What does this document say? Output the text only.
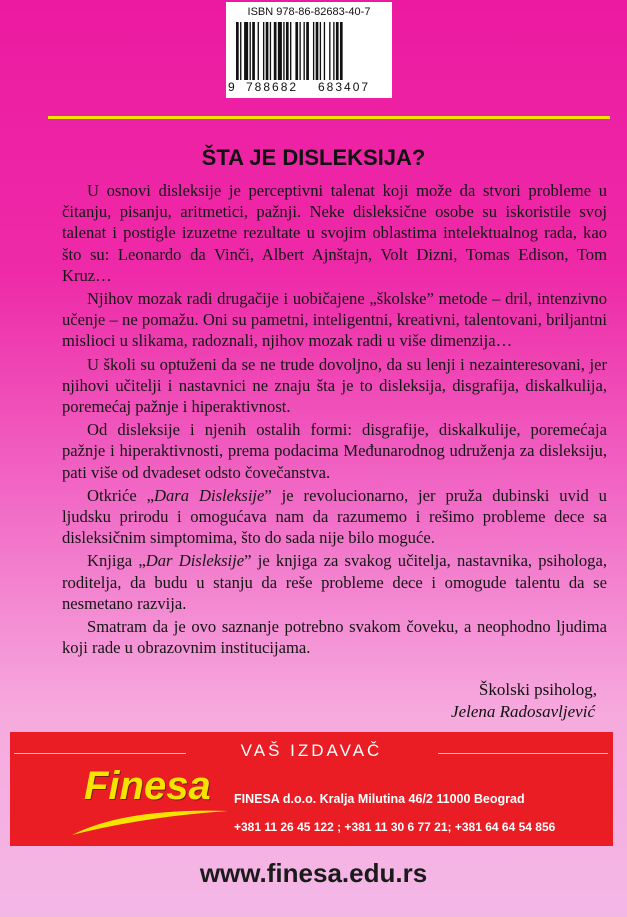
ISBN 978-86-82683-40-7
9 788682 683407
ŠTA JE DISLEKSIJA?

U osnovi disleksije je perceptivni talenat koji može da stvori probleme u čitanju, pisanju, aritmetici, pažnji. Neke disleksične osobe su iskoristile svoj talenat i postigle izuzetne rezultate u svojim oblastima intelektualnog rada, kao što su: Leonardo da Vinči, Albert Ajnštajn, Volt Dizni, Tomas Edison, Tom Kruz…

Njihov mozak radi drugačije i uobičajene „školske” metode – dril, intenzivno učenje – ne pomažu. Oni su pametni, inteligentni, kreativni, talentovani, briljantni mislioci u slikama, radoznali, njihov mozak radi u više dimenzija…

U školi su optuženi da se ne trude dovoljno, da su lenji i nezainteresovani, jer njihovi učitelji i nastavnici ne znaju šta je to disleksija, disgrafija, diskalkulija, poremećaj pažnje i hiperaktivnost.

Od disleksije i njenih ostalih formi: disgrafije, diskalkulije, poremećaja pažnje i hiperaktivnosti, prema podacima Međunarodnog udruženja za disleksiju, pati više od dvadeset odsto čovečanstva.

Otkriće „Dara Disleksije” je revolucionarno, jer pruža dubinski uvid u ljudsku prirodu i omogućava nam da razumemo i rešimo probleme dece sa disleksičnim simptomima, što do sada nije bilo moguće.

Knjiga „Dar Disleksije” je knjiga za svakog učitelja, nastavnika, psihologa, roditelja, da budu u stanju da reše probleme dece i omogude talentu da se nesmetano razvija.

Smatram da je ovo saznanje potrebno svakom čoveku, a neophodno ljudima koji rade u obrazovnim institucijama.

Školski psiholog,
Jelena Radosavljević
VAŠ IZDAVAČ
Finesa FINESA d.o.o. Kralja Milutina 46/2 11000 Beograd
+381 11 26 45 122 ; +381 11 30 6 77 21; +381 64 64 54 856
www.finesa.edu.rs
